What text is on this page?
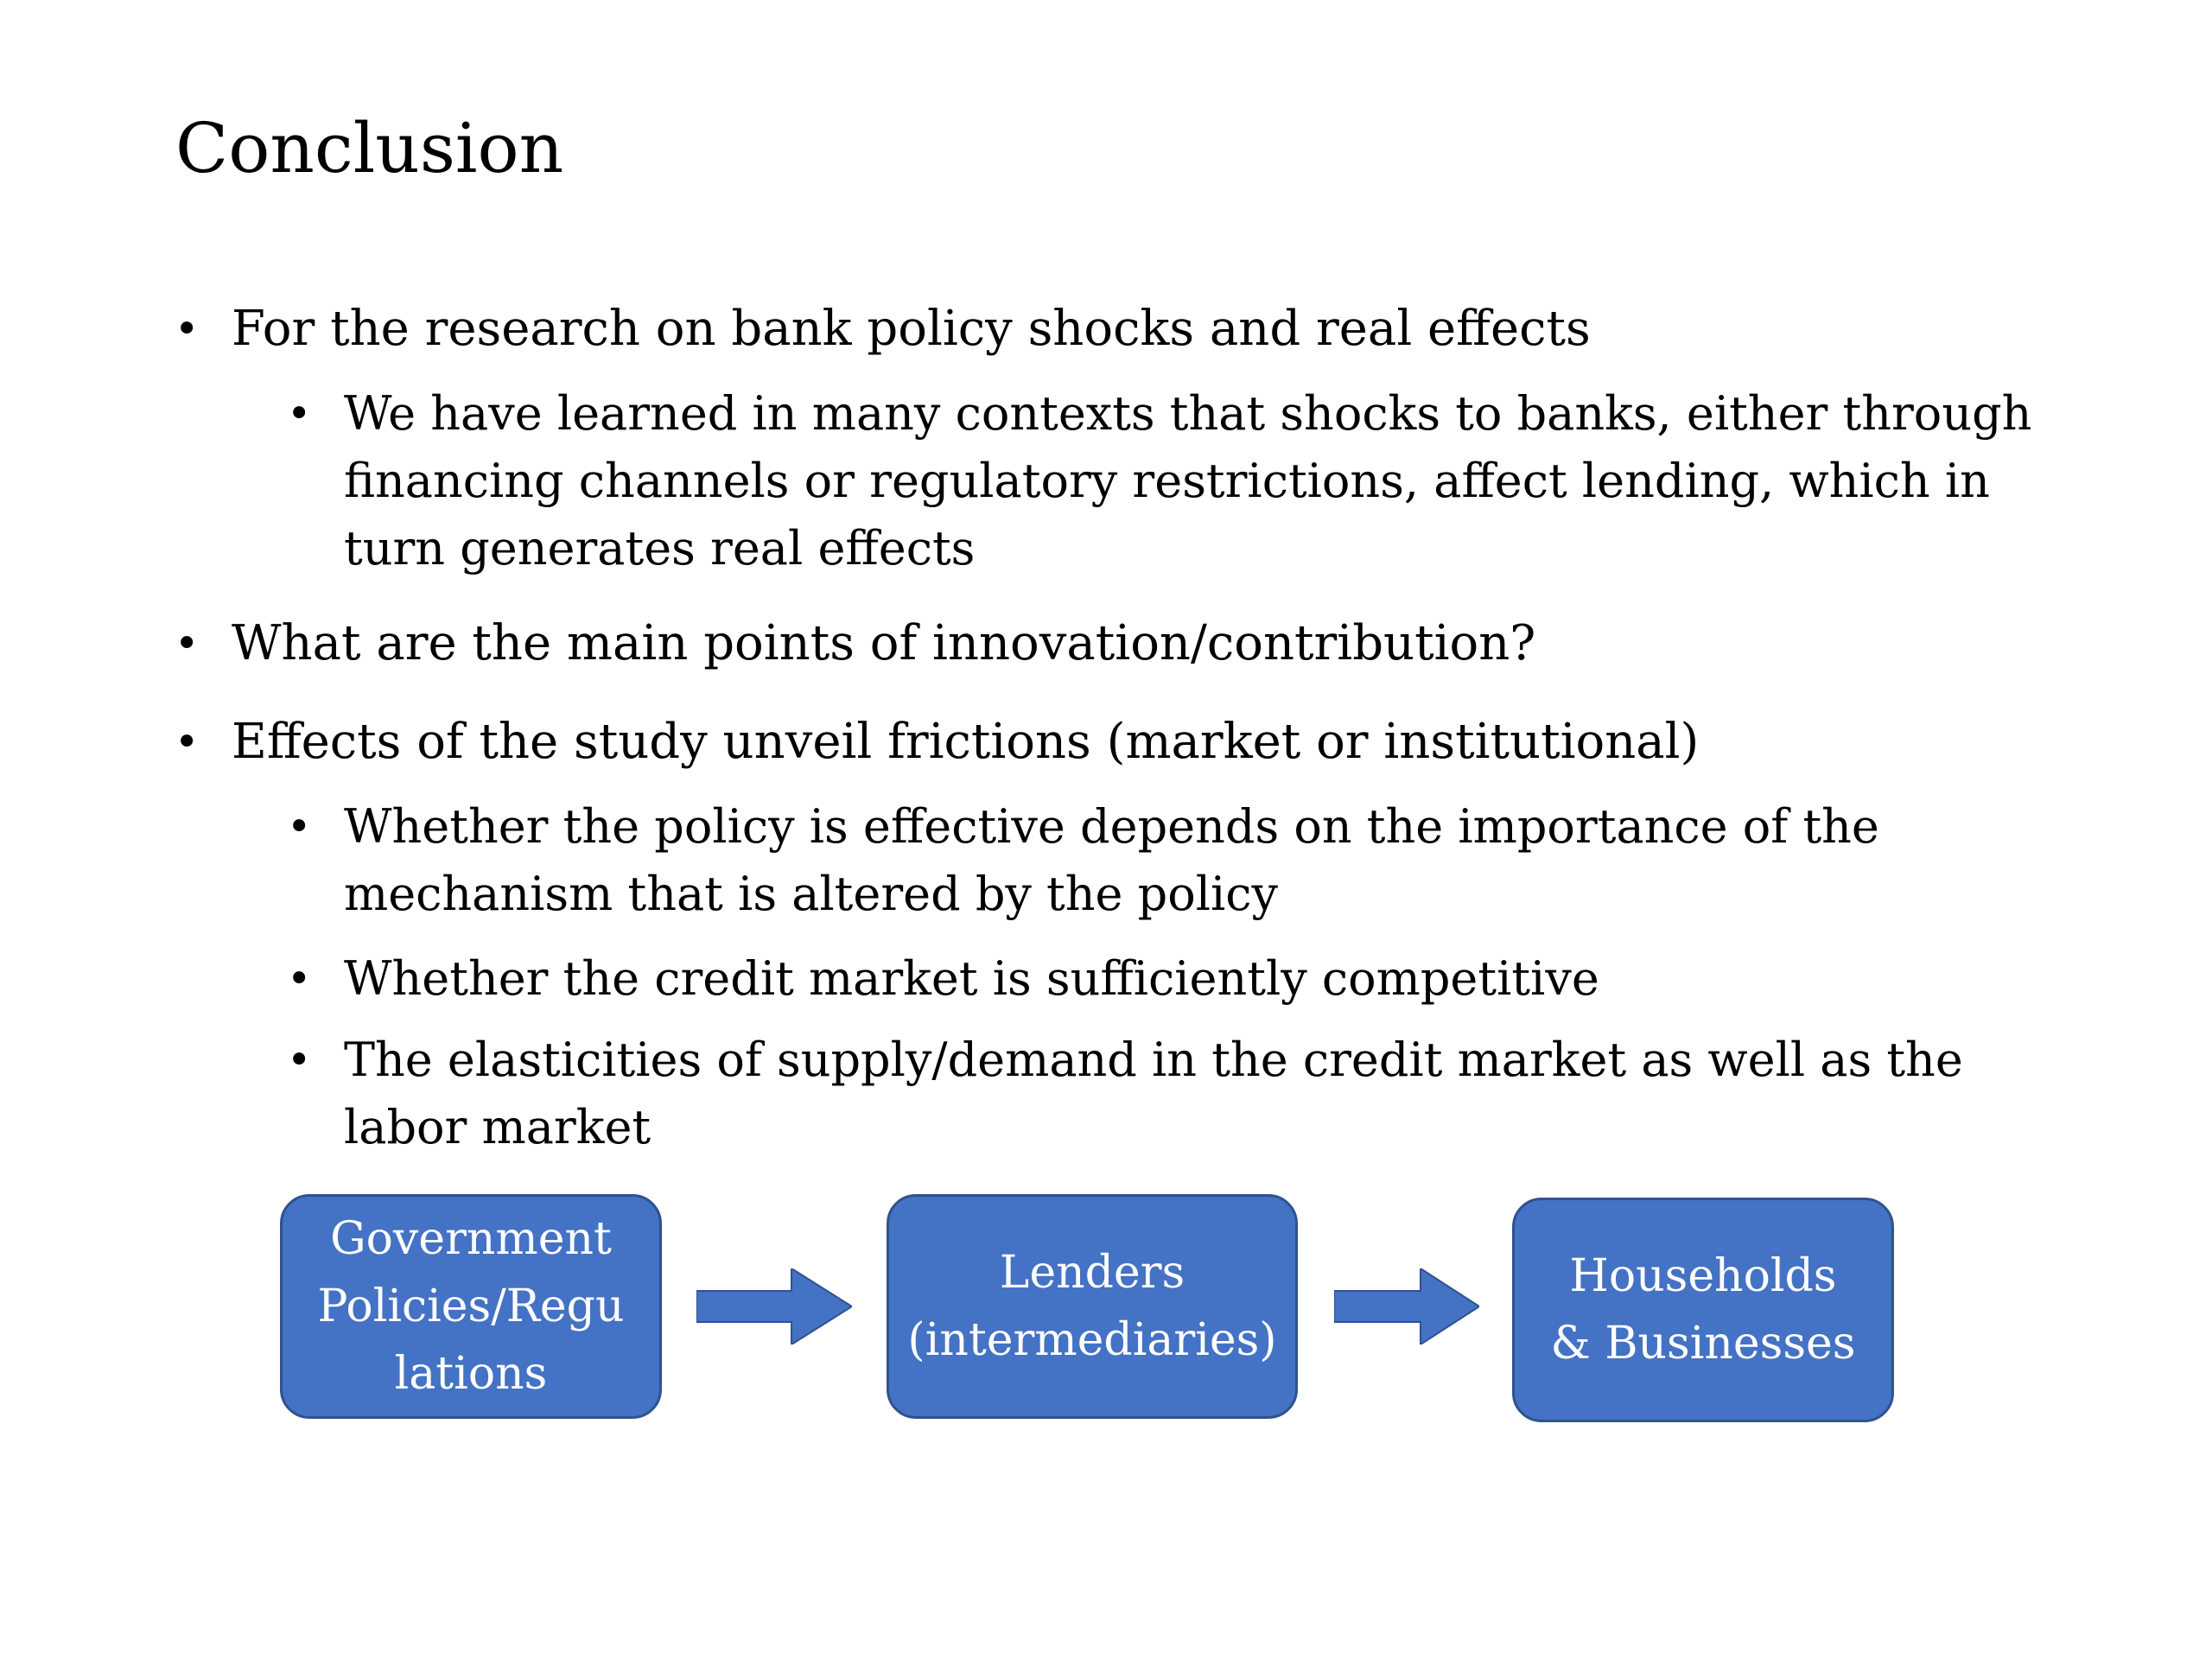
Conclusion
• For the research on bank policy shocks and real effects
• We have learned in many contexts that shocks to banks, either through financing channels or regulatory restrictions, affect lending, which in turn generates real effects
• What are the main points of innovation/contribution?
• Effects of the study unveil frictions (market or institutional)
• Whether the policy is effective depends on the importance of the mechanism that is altered by the policy
• Whether the credit market is sufficiently competitive
• The elasticities of supply/demand in the credit market as well as the labor market
Government
Policies/Regu
lations
Lenders
(intermediaries)
Households
& Businesses
